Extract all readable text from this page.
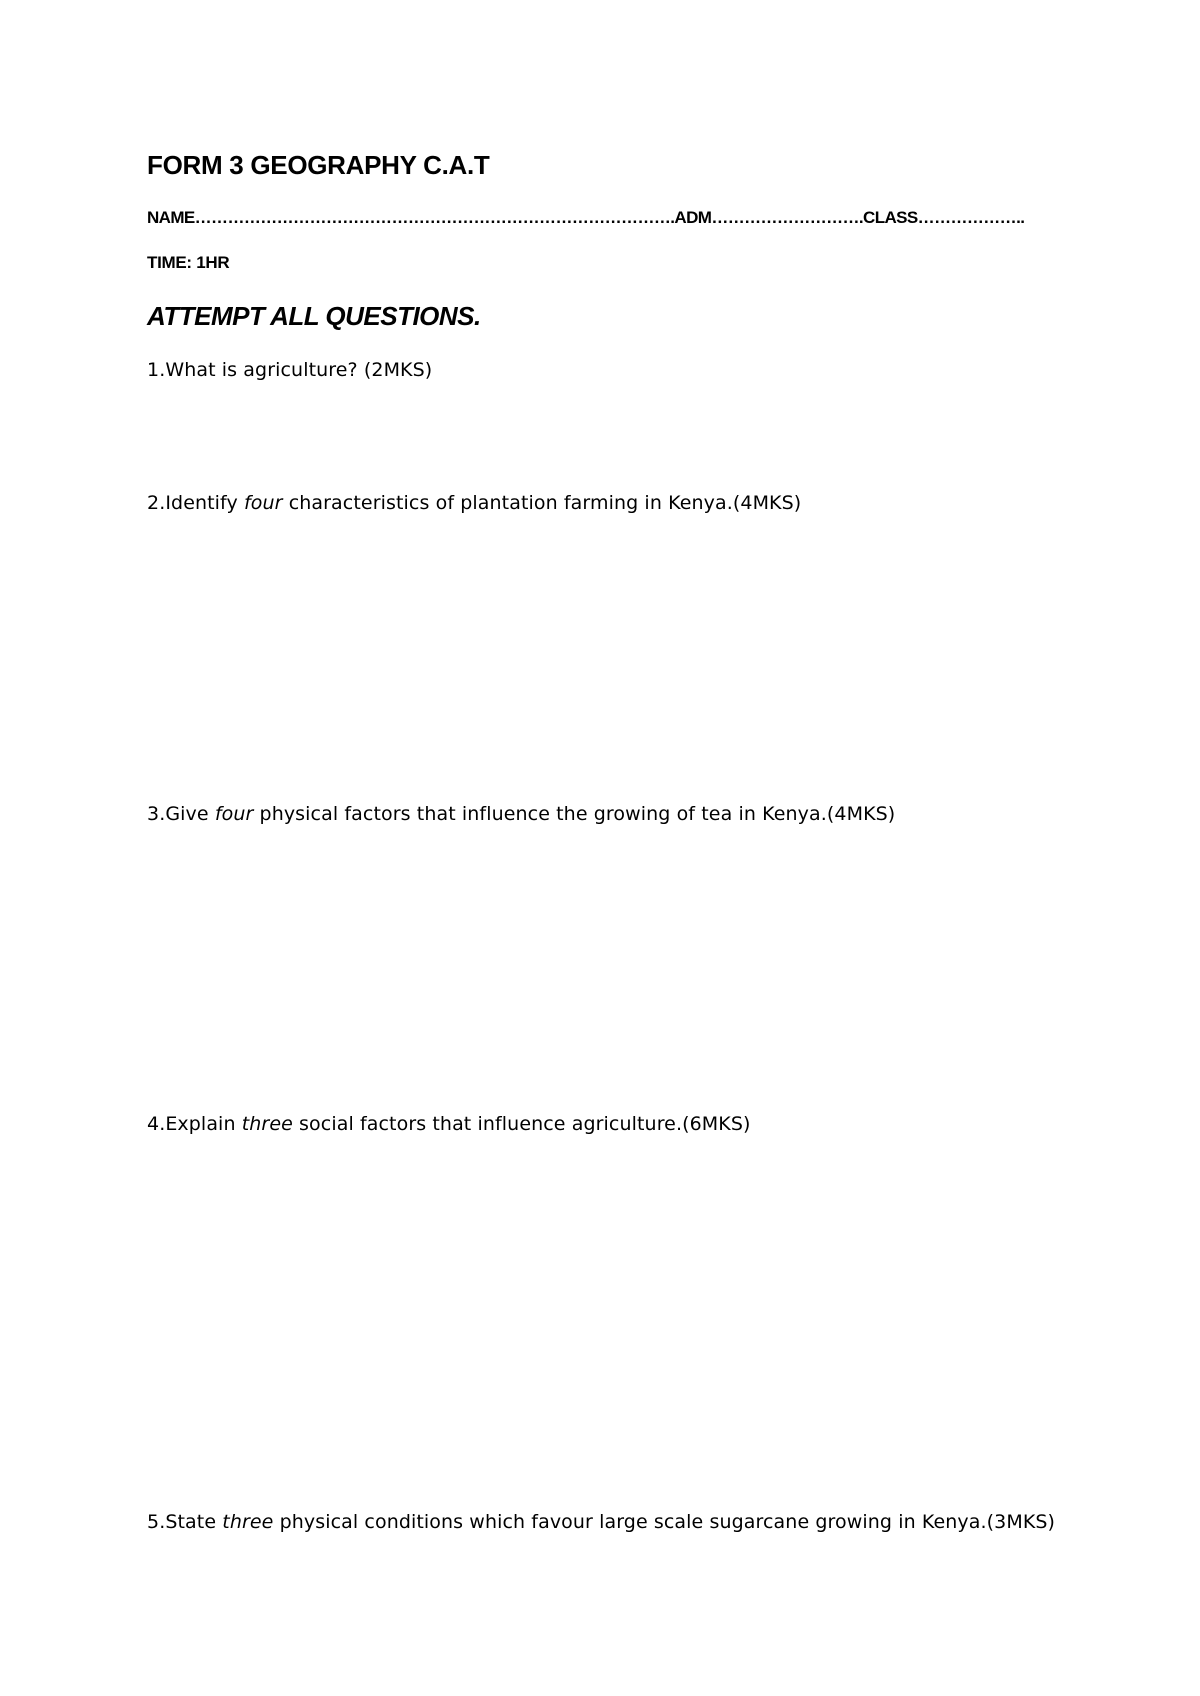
FORM 3 GEOGRAPHY C.A.T
NAME…………………………………………………………………………….ADM……………………….CLASS………………..
TIME: 1HR
ATTEMPT ALL QUESTIONS.
1.What is agriculture? (2MKS)
2.Identify four characteristics of plantation farming in Kenya.(4MKS)
3.Give four physical factors that influence the growing of tea in Kenya.(4MKS)
4.Explain three social factors that influence agriculture.(6MKS)
5.State three physical conditions which favour large scale sugarcane growing in Kenya.(3MKS)
